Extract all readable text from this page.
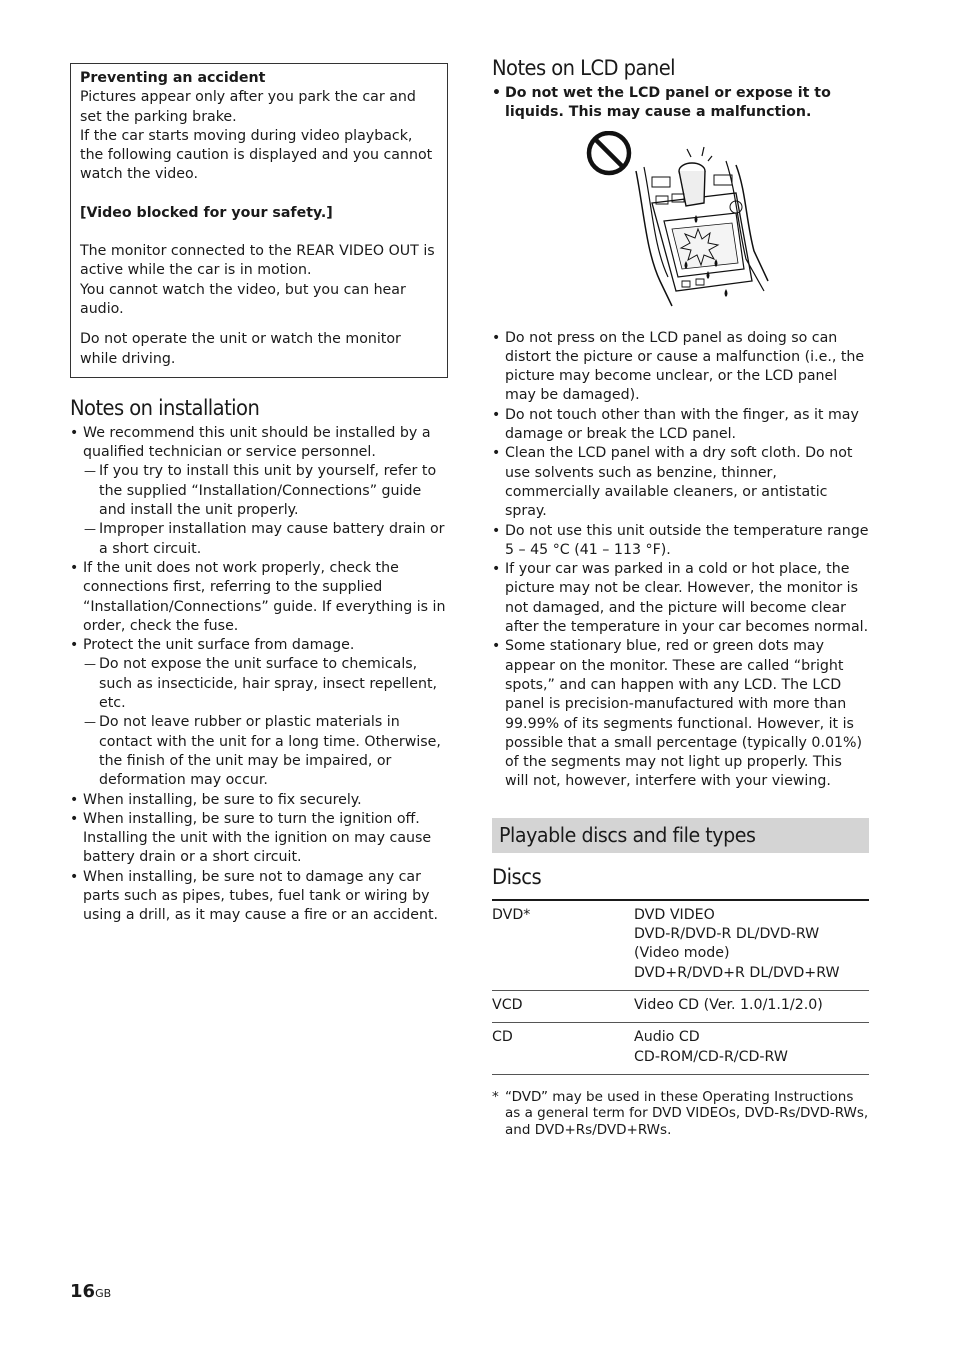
Preventing an accident

Pictures appear only after you park the car and set the parking brake.

If the car starts moving during video playback, the following caution is displayed and you cannot watch the video.

[Video blocked for your safety.]

The monitor connected to the REAR VIDEO OUT is active while the car is in motion.

You cannot watch the video, but you can hear audio.

Do not operate the unit or watch the monitor while driving.

Notes on installation
• We recommend this unit should be installed by a qualified technician or service personnel.
— If you try to install this unit by yourself, refer to the supplied “Installation/Connections” guide and install the unit properly.
— Improper installation may cause battery drain or a short circuit.
• If the unit does not work properly, check the connections first, referring to the supplied “Installation/Connections” guide. If everything is in order, check the fuse.
• Protect the unit surface from damage.
— Do not expose the unit surface to chemicals, such as insecticide, hair spray, insect repellent, etc.
— Do not leave rubber or plastic materials in contact with the unit for a long time. Otherwise, the finish of the unit may be impaired, or deformation may occur.
• When installing, be sure to fix securely.
• When installing, be sure to turn the ignition off. Installing the unit with the ignition on may cause battery drain or a short circuit.
• When installing, be sure not to damage any car parts such as pipes, tubes, fuel tank or wiring by using a drill, as it may cause a fire or an accident.
Notes on LCD panel
• Do not wet the LCD panel or expose it to liquids. This may cause a malfunction.
• Do not press on the LCD panel as doing so can distort the picture or cause a malfunction (i.e., the picture may become unclear, or the LCD panel may be damaged).
• Do not touch other than with the finger, as it may damage or break the LCD panel.
• Clean the LCD panel with a dry soft cloth. Do not use solvents such as benzine, thinner, commercially available cleaners, or antistatic spray.
• Do not use this unit outside the temperature range 5 – 45 °C (41 – 113 °F).
• If your car was parked in a cold or hot place, the picture may not be clear. However, the monitor is not damaged, and the picture will become clear after the temperature in your car becomes normal.
• Some stationary blue, red or green dots may appear on the monitor. These are called “bright spots,” and can happen with any LCD. The LCD panel is precision-manufactured with more than 99.99% of its segments functional. However, it is possible that a small percentage (typically 0.01%) of the segments may not light up properly. This will not, however, interfere with your viewing.
Playable discs and file types
Discs
DVD*	DVD VIDEO
DVD-R/DVD-R DL/DVD-RW
(Video mode)
DVD+R/DVD+R DL/DVD+RW

VCD	Video CD (Ver. 1.0/1.1/2.0)

CD	Audio CD
CD-ROM/CD-R/CD-RW
* “DVD” may be used in these Operating Instructions as a general term for DVD VIDEOs, DVD-Rs/DVD-RWs, and DVD+Rs/DVD+RWs.
16GB
